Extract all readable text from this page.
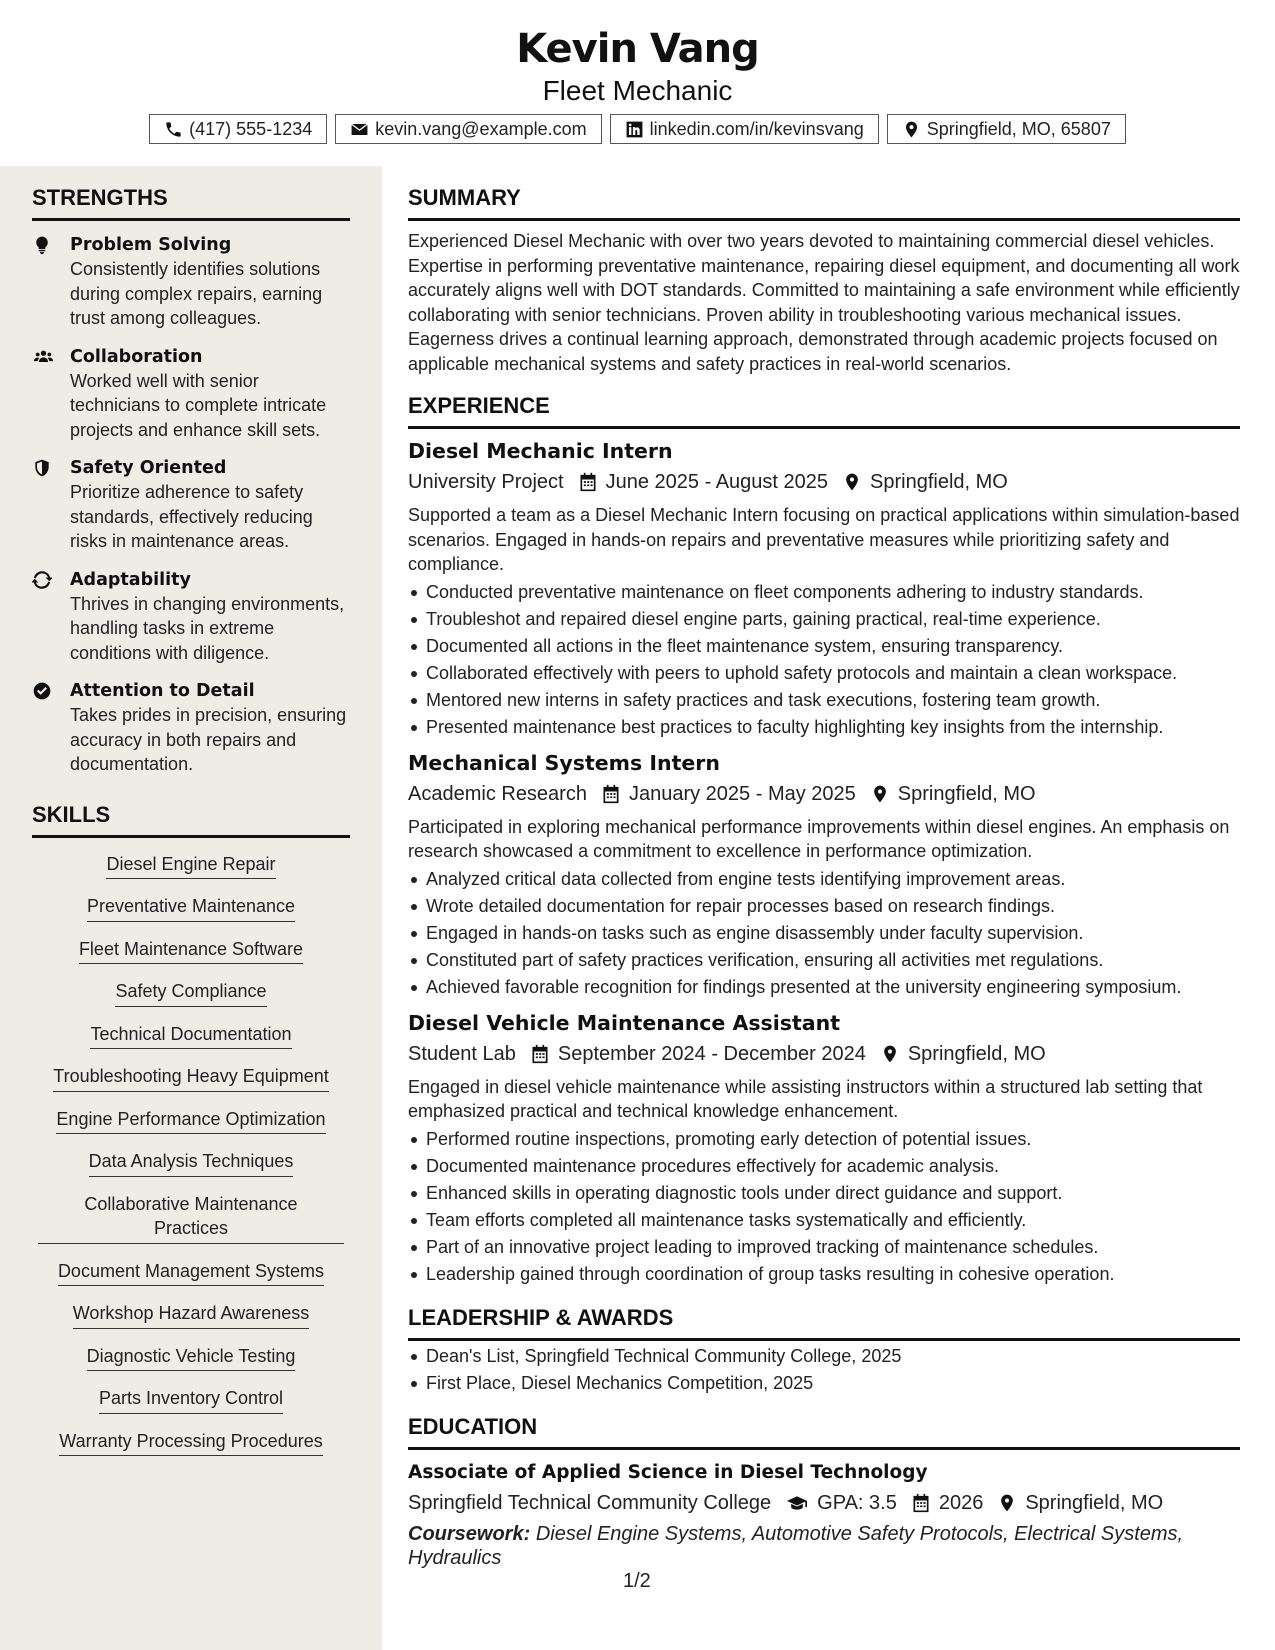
Kevin Vang
Fleet Mechanic
(417) 555-1234	kevin.vang@example.com	linkedin.com/in/kevinsvang	Springfield, MO, 65807
STRENGTHS
Problem Solving
Consistently identifies solutions during complex repairs, earning trust among colleagues.
Collaboration
Worked well with senior technicians to complete intricate projects and enhance skill sets.
Safety Oriented
Prioritize adherence to safety standards, effectively reducing risks in maintenance areas.
Adaptability
Thrives in changing environments, handling tasks in extreme conditions with diligence.
Attention to Detail
Takes prides in precision, ensuring accuracy in both repairs and documentation.
SKILLS
Diesel Engine Repair
Preventative Maintenance
Fleet Maintenance Software
Safety Compliance
Technical Documentation
Troubleshooting Heavy Equipment
Engine Performance Optimization
Data Analysis Techniques
Collaborative Maintenance Practices
Document Management Systems
Workshop Hazard Awareness
Diagnostic Vehicle Testing
Parts Inventory Control
Warranty Processing Procedures
SUMMARY
Experienced Diesel Mechanic with over two years devoted to maintaining commercial diesel vehicles. Expertise in performing preventative maintenance, repairing diesel equipment, and documenting all work accurately aligns well with DOT standards. Committed to maintaining a safe environment while efficiently collaborating with senior technicians. Proven ability in troubleshooting various mechanical issues. Eagerness drives a continual learning approach, demonstrated through academic projects focused on applicable mechanical systems and safety practices in real-world scenarios.
EXPERIENCE
Diesel Mechanic Intern
University Project June 2025 - August 2025 Springfield, MO
Supported a team as a Diesel Mechanic Intern focusing on practical applications within simulation-based scenarios. Engaged in hands-on repairs and preventative measures while prioritizing safety and compliance.
Conducted preventative maintenance on fleet components adhering to industry standards.
Troubleshot and repaired diesel engine parts, gaining practical, real-time experience.
Documented all actions in the fleet maintenance system, ensuring transparency.
Collaborated effectively with peers to uphold safety protocols and maintain a clean workspace.
Mentored new interns in safety practices and task executions, fostering team growth.
Presented maintenance best practices to faculty highlighting key insights from the internship.
Mechanical Systems Intern
Academic Research January 2025 - May 2025 Springfield, MO
Participated in exploring mechanical performance improvements within diesel engines. An emphasis on research showcased a commitment to excellence in performance optimization.
Analyzed critical data collected from engine tests identifying improvement areas.
Wrote detailed documentation for repair processes based on research findings.
Engaged in hands-on tasks such as engine disassembly under faculty supervision.
Constituted part of safety practices verification, ensuring all activities met regulations.
Achieved favorable recognition for findings presented at the university engineering symposium.
Diesel Vehicle Maintenance Assistant
Student Lab September 2024 - December 2024 Springfield, MO
Engaged in diesel vehicle maintenance while assisting instructors within a structured lab setting that emphasized practical and technical knowledge enhancement.
Performed routine inspections, promoting early detection of potential issues.
Documented maintenance procedures effectively for academic analysis.
Enhanced skills in operating diagnostic tools under direct guidance and support.
Team efforts completed all maintenance tasks systematically and efficiently.
Part of an innovative project leading to improved tracking of maintenance schedules.
Leadership gained through coordination of group tasks resulting in cohesive operation.
LEADERSHIP & AWARDS
Dean's List, Springfield Technical Community College, 2025
First Place, Diesel Mechanics Competition, 2025
EDUCATION
Associate of Applied Science in Diesel Technology
Springfield Technical Community College GPA: 3.5 2026 Springfield, MO
Coursework: Diesel Engine Systems, Automotive Safety Protocols, Electrical Systems, Hydraulics
1/2
